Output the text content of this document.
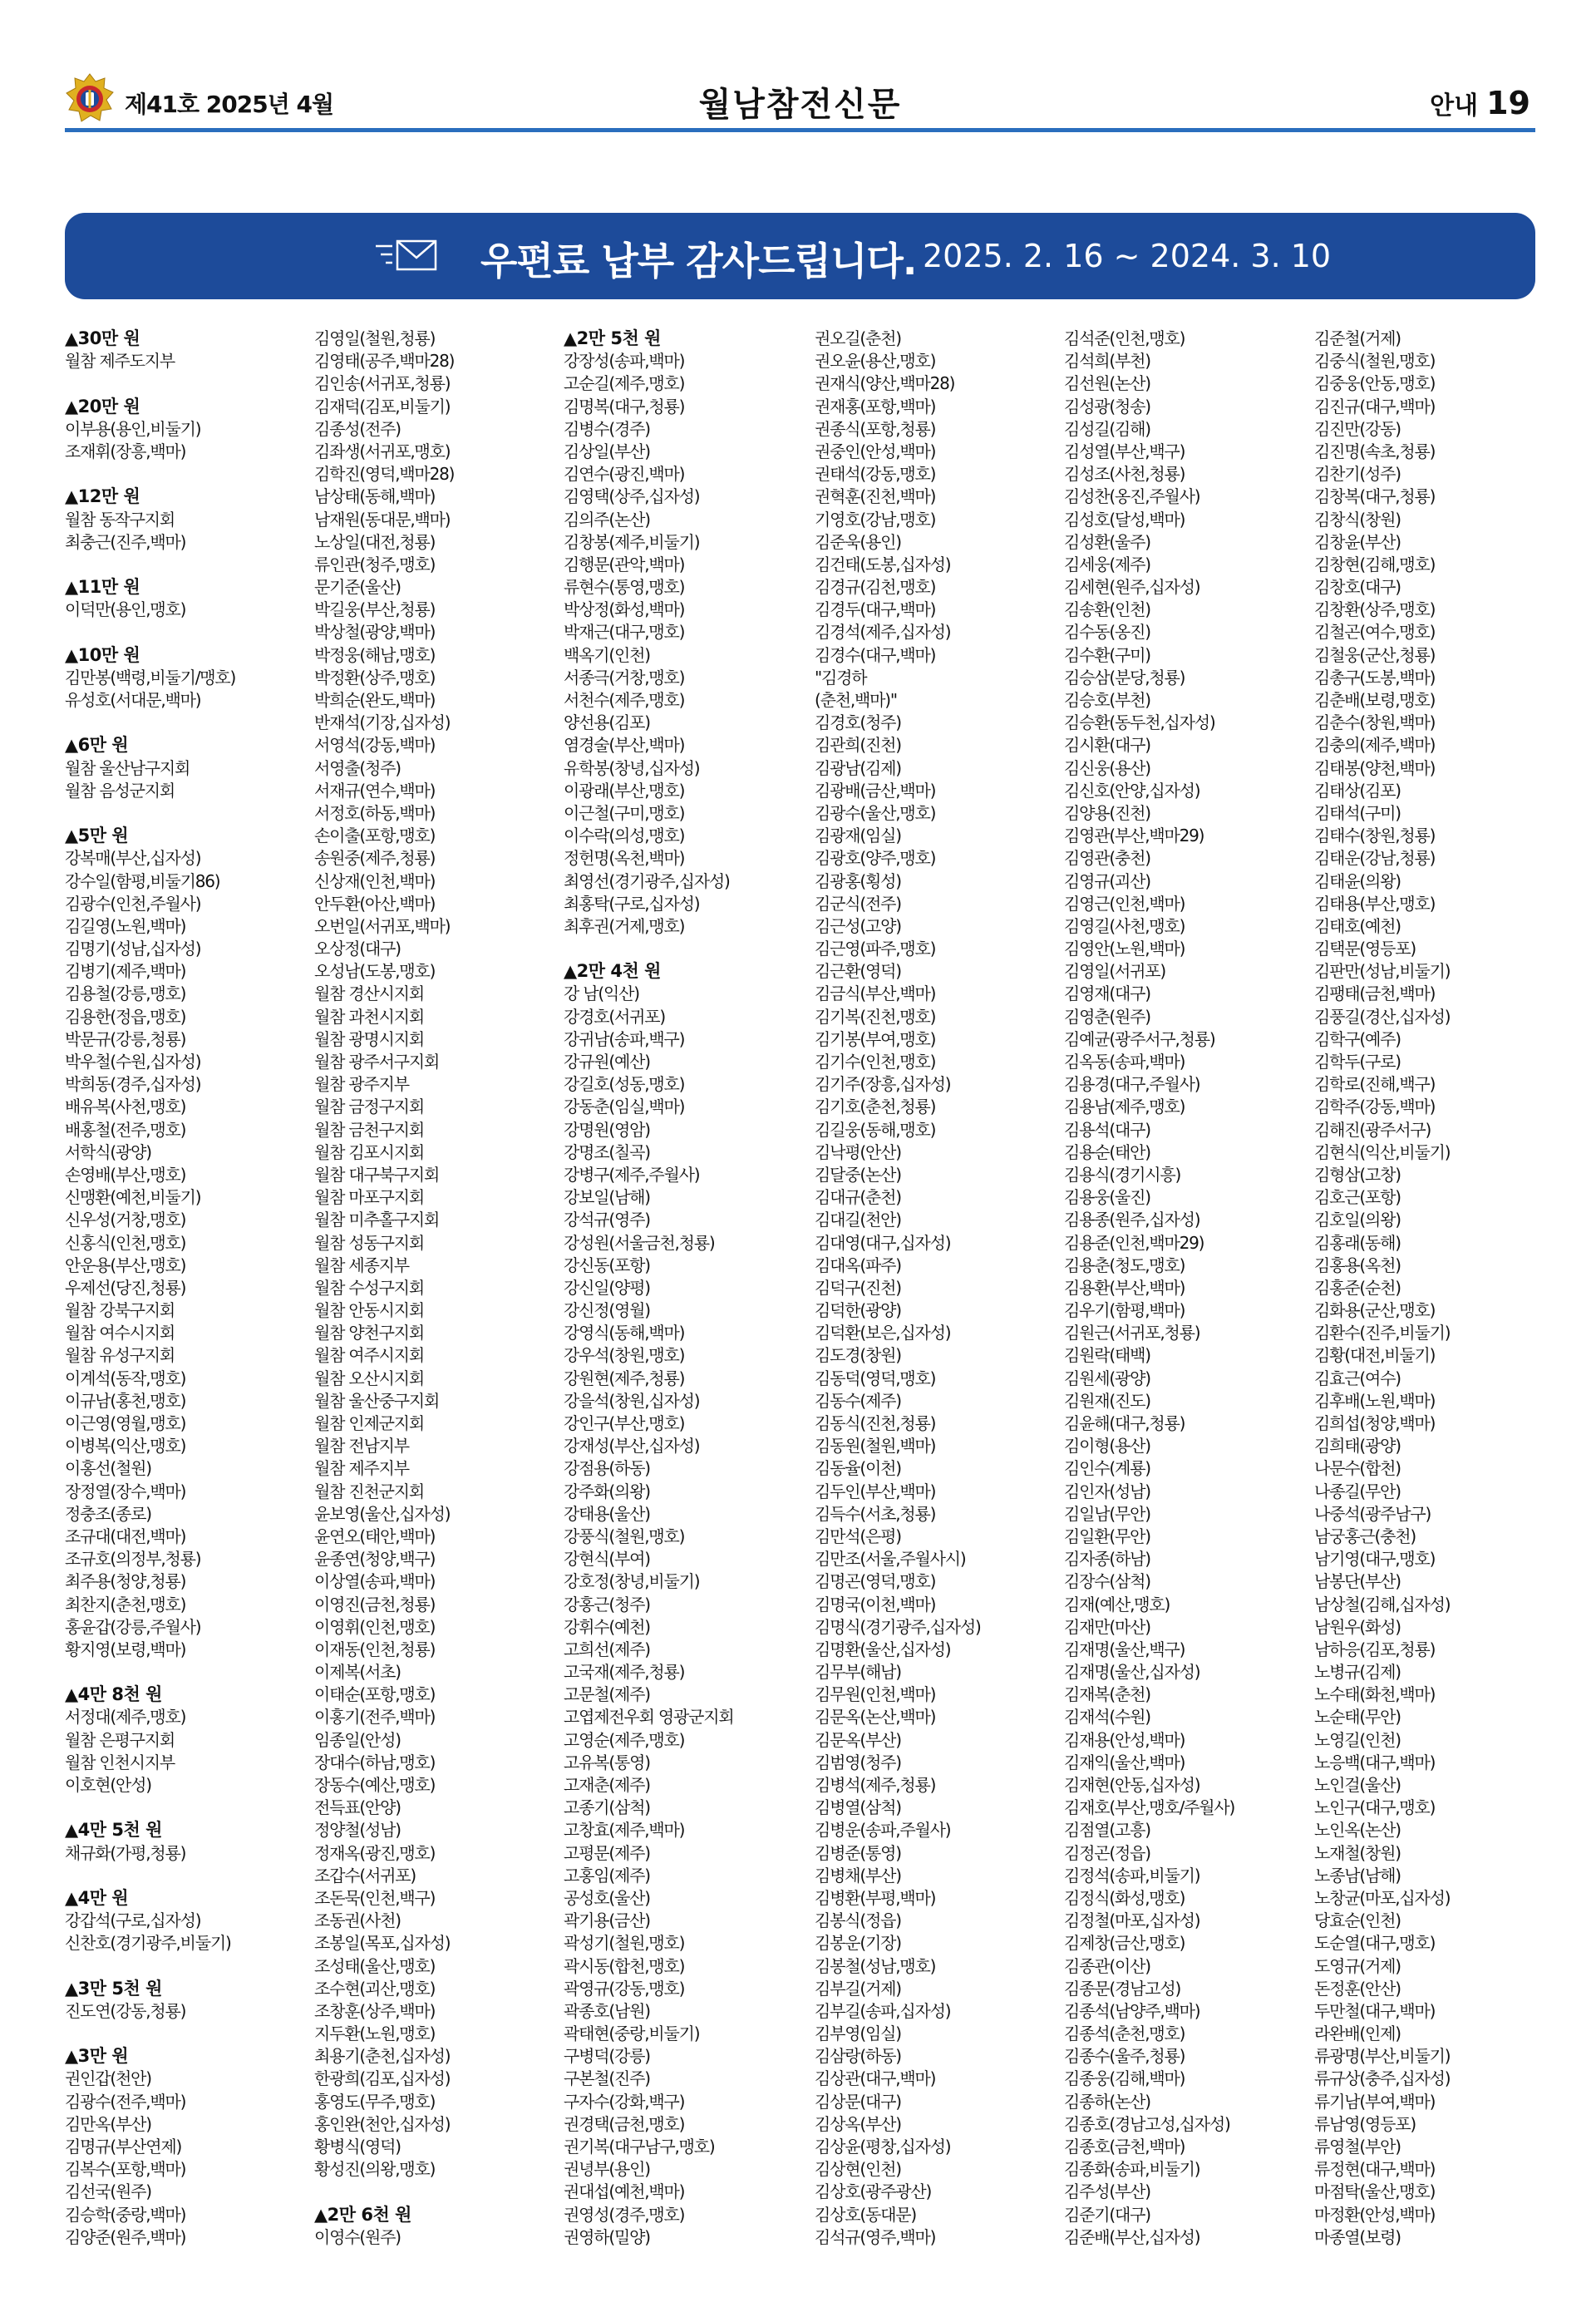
제41호 2025년 4월	월남참전신문	안내 19
우편료 납부 감사드립니다. 2025. 2. 16 ~ 2024. 3. 10
▲30만 원
월참 제주도지부
▲20만 원
이부용(용인,비둘기)
조재휘(장흥,백마)
▲12만 원
월참 동작구지회
최충근(진주,백마)
▲11만 원
이덕만(용인,맹호)
▲10만 원
김만봉(백령,비둘기/맹호)
유성호(서대문,백마)
▲6만 원
월참 울산남구지회
월참 음성군지회
▲5만 원
강복매(부산,십자성)
강수일(함평,비둘기86)
김광수(인천,주월사)
김길영(노원,백마)
김명기(성남,십자성)
김병기(제주,백마)
김용철(강릉,맹호)
김용한(정읍,맹호)
박문규(강릉,청룡)
박우철(수원,십자성)
박희동(경주,십자성)
배유복(사천,맹호)
배홍철(전주,맹호)
서학식(광양)
손영배(부산,맹호)
신맹환(예천,비둘기)
신우성(거창,맹호)
신홍식(인천,맹호)
안운용(부산,맹호)
우제선(당진,청룡)
월참 강북구지회
월참 여수시지회
월참 유성구지회
이계석(동작,맹호)
이규남(홍천,맹호)
이근영(영월,맹호)
이병복(익산,맹호)
이홍선(철원)
장정열(장수,백마)
정충조(종로)
조규대(대전,백마)
조규호(의정부,청룡)
최주용(청양,청룡)
최찬지(춘천,맹호)
홍윤갑(강릉,주월사)
황지영(보령,백마)
▲4만 8천 원
서정대(제주,맹호)
월참 은평구지회
월참 인천시지부
이호현(안성)
▲4만 5천 원
채규화(가평,청룡)
▲4만 원
강갑석(구로,십자성)
신찬호(경기광주,비둘기)
▲3만 5천 원
진도연(강동,청룡)
▲3만 원
권인갑(천안)
김광수(전주,백마)
김만옥(부산)
김명규(부산연제)
김복수(포항,백마)
김선국(원주)
김승학(중랑,백마)
김양준(원주,백마)
김영일(철원,청룡)
김영태(공주,백마28)
김인송(서귀포,청룡)
김재덕(김포,비둘기)
김종성(전주)
김좌생(서귀포,맹호)
김학진(영덕,백마28)
남상태(동해,백마)
남재원(동대문,백마)
노상일(대전,청룡)
류인관(청주,맹호)
문기준(울산)
박길웅(부산,청룡)
박상철(광양,백마)
박정웅(해남,맹호)
박정환(상주,맹호)
박희순(완도,백마)
반재석(기장,십자성)
서영석(강동,백마)
서영출(청주)
서재규(연수,백마)
서정호(하동,백마)
손이출(포항,맹호)
송원중(제주,청룡)
신상재(인천,백마)
안두환(아산,백마)
오번일(서귀포,백마)
오상정(대구)
오성남(도봉,맹호)
월참 경산시지회
월참 과천시지회
월참 광명시지회
월참 광주서구지회
월참 광주지부
월참 금정구지회
월참 금천구지회
월참 김포시지회
월참 대구북구지회
월참 마포구지회
월참 미추홀구지회
월참 성동구지회
월참 세종지부
월참 수성구지회
월참 안동시지회
월참 양천구지회
월참 여주시지회
월참 오산시지회
월참 울산중구지회
월참 인제군지회
월참 전남지부
월참 제주지부
월참 진천군지회
윤보영(울산,십자성)
윤연오(태안,백마)
윤종연(청양,백구)
이상열(송파,백마)
이영진(금천,청룡)
이영휘(인천,맹호)
이재동(인천,청룡)
이제복(서초)
이태순(포항,맹호)
이홍기(전주,백마)
임종일(안성)
장대수(하남,맹호)
장동수(예산,맹호)
전득표(안양)
정양철(성남)
정재옥(광진,맹호)
조갑수(서귀포)
조돈묵(인천,백구)
조동권(사천)
조봉일(목포,십자성)
조성태(울산,맹호)
조수현(괴산,맹호)
조창훈(상주,백마)
지두환(노원,맹호)
최용기(춘천,십자성)
한광희(김포,십자성)
홍영도(무주,맹호)
홍인완(천안,십자성)
황병식(영덕)
황성진(의왕,맹호)
▲2만 6천 원
이영수(원주)
▲2만 5천 원
강장성(송파,백마)
고순길(제주,맹호)
김명복(대구,청룡)
김병수(경주)
김상일(부산)
김연수(광진,백마)
김영택(상주,십자성)
김의주(논산)
김창봉(제주,비둘기)
김행문(관악,백마)
류현수(통영,맹호)
박상정(화성,백마)
박재근(대구,맹호)
백옥기(인천)
서종극(거창,맹호)
서천수(제주,맹호)
양선용(김포)
염경술(부산,백마)
유학봉(창녕,십자성)
이광래(부산,맹호)
이근철(구미,맹호)
이수락(의성,맹호)
정헌명(옥천,백마)
최영선(경기광주,십자성)
최홍탁(구로,십자성)
최후권(거제,맹호)
▲2만 4천 원
강 남(익산)
강경호(서귀포)
강귀남(송파,백구)
강규원(예산)
강길호(성동,맹호)
강동춘(임실,백마)
강명원(영암)
강명조(칠곡)
강병구(제주,주월사)
강보일(남해)
강석규(영주)
강성원(서울금천,청룡)
강신동(포항)
강신일(양평)
강신정(영월)
강영식(동해,백마)
강우석(창원,맹호)
강원현(제주,청룡)
강을석(창원,십자성)
강인구(부산,맹호)
강재성(부산,십자성)
강점용(하동)
강주화(의왕)
강태용(울산)
강풍식(철원,맹호)
강현식(부여)
강호정(창녕,비둘기)
강홍근(청주)
강휘수(예천)
고희선(제주)
고국재(제주,청룡)
고문철(제주)
고엽제전우회 영광군지회
고영순(제주,맹호)
고유복(통영)
고재춘(제주)
고종기(삼척)
고창효(제주,백마)
고평문(제주)
고홍임(제주)
공성호(울산)
곽기용(금산)
곽성기(철원,맹호)
곽시동(합천,맹호)
곽영규(강동,맹호)
곽종호(남원)
곽태현(중랑,비둘기)
구병덕(강릉)
구본철(진주)
구자수(강화,백구)
권경택(금천,맹호)
권기복(대구남구,맹호)
권녕부(용인)
권대섭(예천,백마)
권영성(경주,맹호)
권영하(밀양)
권오길(춘천)
권오윤(용산,맹호)
권재식(양산,백마28)
권재홍(포항,백마)
권종식(포항,청룡)
권중인(안성,백마)
권태석(강동,맹호)
권혁훈(진천,백마)
기영호(강남,맹호)
김준욱(용인)
김건태(도봉,십자성)
김경규(김천,맹호)
김경두(대구,백마)
김경석(제주,십자성)
김경수(대구,백마)
"김경하
(춘천,백마)"
김경호(청주)
김관희(진천)
김광남(김제)
김광배(금산,백마)
김광수(울산,맹호)
김광재(임실)
김광호(양주,맹호)
김광홍(횡성)
김군식(전주)
김근성(고양)
김근영(파주,맹호)
김근환(영덕)
김금식(부산,백마)
김기복(진천,맹호)
김기봉(부여,맹호)
김기수(인천,맹호)
김기주(장흥,십자성)
김기호(춘천,청룡)
김길웅(동해,맹호)
김낙평(안산)
김달중(논산)
김대규(춘천)
김대길(천안)
김대영(대구,십자성)
김대옥(파주)
김덕구(진천)
김덕한(광양)
김덕환(보은,십자성)
김도경(창원)
김동덕(영덕,맹호)
김동수(제주)
김동식(진천,청룡)
김동원(철원,백마)
김동율(이천)
김두인(부산,백마)
김득수(서초,청룡)
김만석(은평)
김만조(서울,주월사시)
김명곤(영덕,맹호)
김명국(이천,백마)
김명식(경기광주,십자성)
김명환(울산,십자성)
김무부(해남)
김무원(인천,백마)
김문옥(논산,백마)
김문옥(부산)
김범영(청주)
김병석(제주,청룡)
김병열(삼척)
김병운(송파,주월사)
김병준(통영)
김병채(부산)
김병환(부평,백마)
김봉식(정읍)
김봉운(기장)
김봉철(성남,맹호)
김부길(거제)
김부길(송파,십자성)
김부영(임실)
김삼랑(하동)
김상관(대구,백마)
김상문(대구)
김상옥(부산)
김상윤(평창,십자성)
김상현(인천)
김상호(광주광산)
김상호(동대문)
김석규(영주,백마)
김석준(인천,맹호)
김석희(부천)
김선원(논산)
김성광(청송)
김성길(김해)
김성열(부산,백구)
김성조(사천,청룡)
김성찬(옹진,주월사)
김성호(달성,백마)
김성환(울주)
김세웅(제주)
김세현(원주,십자성)
김송환(인천)
김수동(옹진)
김수환(구미)
김승삼(분당,청룡)
김승호(부천)
김승환(동두천,십자성)
김시환(대구)
김신웅(용산)
김신호(안양,십자성)
김양용(진천)
김영관(부산,백마29)
김영관(충천)
김영규(괴산)
김영근(인천,백마)
김영길(사천,맹호)
김영안(노원,백마)
김영일(서귀포)
김영재(대구)
김영춘(원주)
김예균(광주서구,청룡)
김옥동(송파,백마)
김용경(대구,주월사)
김용남(제주,맹호)
김용석(대구)
김용순(태안)
김용식(경기시흥)
김용웅(울진)
김용종(원주,십자성)
김용준(인천,백마29)
김용춘(청도,맹호)
김용환(부산,백마)
김우기(함평,백마)
김원근(서귀포,청룡)
김원락(태백)
김원세(광양)
김원재(진도)
김윤해(대구,청룡)
김이형(용산)
김인수(계룡)
김인자(성남)
김일남(무안)
김일환(무안)
김자종(하남)
김장수(삼척)
김재(예산,맹호)
김재만(마산)
김재명(울산,백구)
김재명(울산,십자성)
김재복(춘천)
김재석(수원)
김재용(안성,백마)
김재익(울산,백마)
김재현(안동,십자성)
김재호(부산,맹호/주월사)
김점열(고흥)
김정곤(정읍)
김정석(송파,비둘기)
김정식(화성,맹호)
김정철(마포,십자성)
김제창(금산,맹호)
김종관(이산)
김종문(경남고성)
김종석(남양주,백마)
김종석(춘천,맹호)
김종수(울주,청룡)
김종웅(김해,백마)
김종하(논산)
김종호(경남고성,십자성)
김종호(금천,백마)
김종화(송파,비둘기)
김주성(부산)
김준기(대구)
김준배(부산,십자성)
김준철(거제)
김중식(철원,맹호)
김중웅(안동,맹호)
김진규(대구,백마)
김진만(강동)
김진명(속초,청룡)
김찬기(성주)
김창복(대구,청룡)
김창식(창원)
김창윤(부산)
김창현(김해,맹호)
김창호(대구)
김창환(상주,맹호)
김철곤(여수,맹호)
김철웅(군산,청룡)
김총구(도봉,백마)
김춘배(보령,맹호)
김춘수(창원,백마)
김충의(제주,백마)
김태봉(양천,백마)
김태상(김포)
김태석(구미)
김태수(창원,청룡)
김태운(강남,청룡)
김태윤(의왕)
김태용(부산,맹호)
김태호(예천)
김택문(영등포)
김판만(성남,비둘기)
김팽태(금천,백마)
김풍길(경산,십자성)
김학구(예주)
김학두(구로)
김학로(진해,백구)
김학주(강동,백마)
김해진(광주서구)
김현식(익산,비둘기)
김형삼(고창)
김호근(포항)
김호일(의왕)
김홍래(동해)
김홍용(옥천)
김홍준(순천)
김화용(군산,맹호)
김환수(진주,비둘기)
김황(대전,비둘기)
김효근(여수)
김후배(노원,백마)
김희섭(청양,백마)
김희태(광양)
나문수(합천)
나종길(무안)
나중석(광주남구)
남궁홍근(충천)
남기영(대구,맹호)
남봉단(부산)
남상철(김해,십자성)
남원우(화성)
남하응(김포,청룡)
노병규(김제)
노수태(화천,백마)
노순태(무안)
노영길(인천)
노응백(대구,백마)
노인걸(울산)
노인구(대구,맹호)
노인옥(논산)
노재철(창원)
노종남(남해)
노창균(마포,십자성)
당효순(인천)
도순열(대구,맹호)
도영규(거제)
돈정훈(안산)
두만철(대구,백마)
라완배(인제)
류광명(부산,비둘기)
류규상(충주,십자성)
류기남(부여,백마)
류남영(영등포)
류영철(부안)
류정현(대구,백마)
마점탁(울산,맹호)
마정환(안성,백마)
마종열(보령)
